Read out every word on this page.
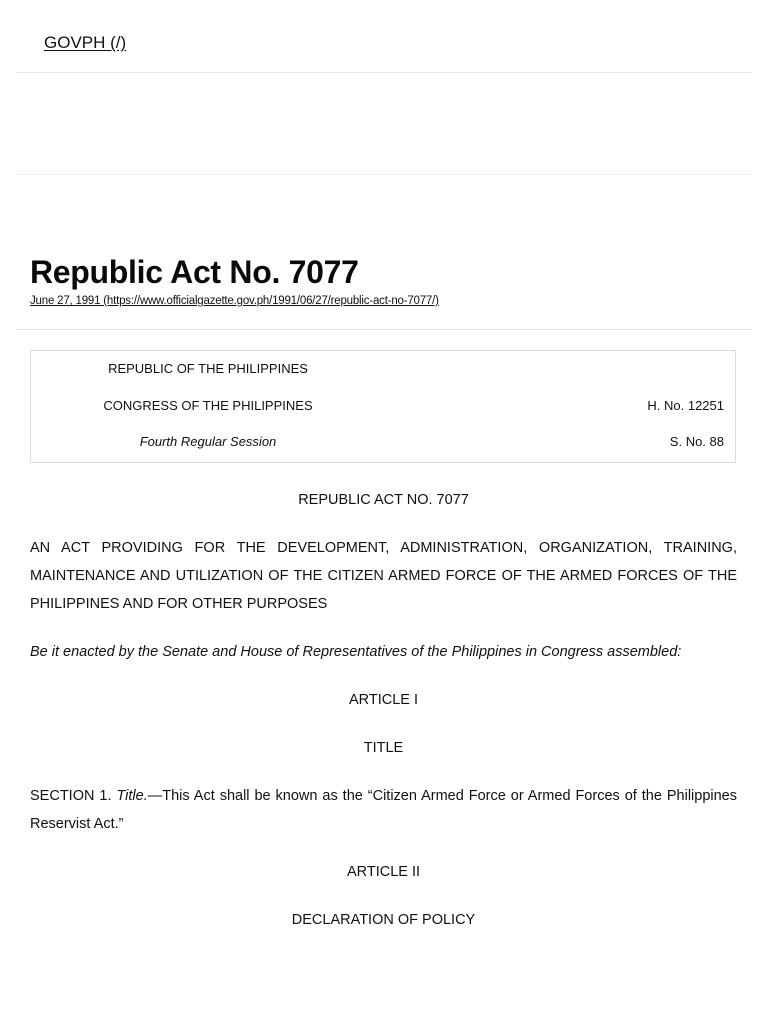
GOVPH (/)
Republic Act No. 7077
June 27, 1991 (https://www.officialgazette.gov.ph/1991/06/27/republic-act-no-7077/)
REPUBLIC OF THE PHILIPPINES
CONGRESS OF THE PHILIPPINES	H. No. 12251
Fourth Regular Session	S. No. 88

REPUBLIC ACT NO. 7077

AN ACT PROVIDING FOR THE DEVELOPMENT, ADMINISTRATION, ORGANIZATION, TRAINING, MAINTENANCE AND UTILIZATION OF THE CITIZEN ARMED FORCE OF THE ARMED FORCES OF THE PHILIPPINES AND FOR OTHER PURPOSES

Be it enacted by the Senate and House of Representatives of the Philippines in Congress assembled:

ARTICLE I

TITLE

SECTION 1. Title.—This Act shall be known as the “Citizen Armed Force or Armed Forces of the Philippines Reservist Act.”

ARTICLE II

DECLARATION OF POLICY
